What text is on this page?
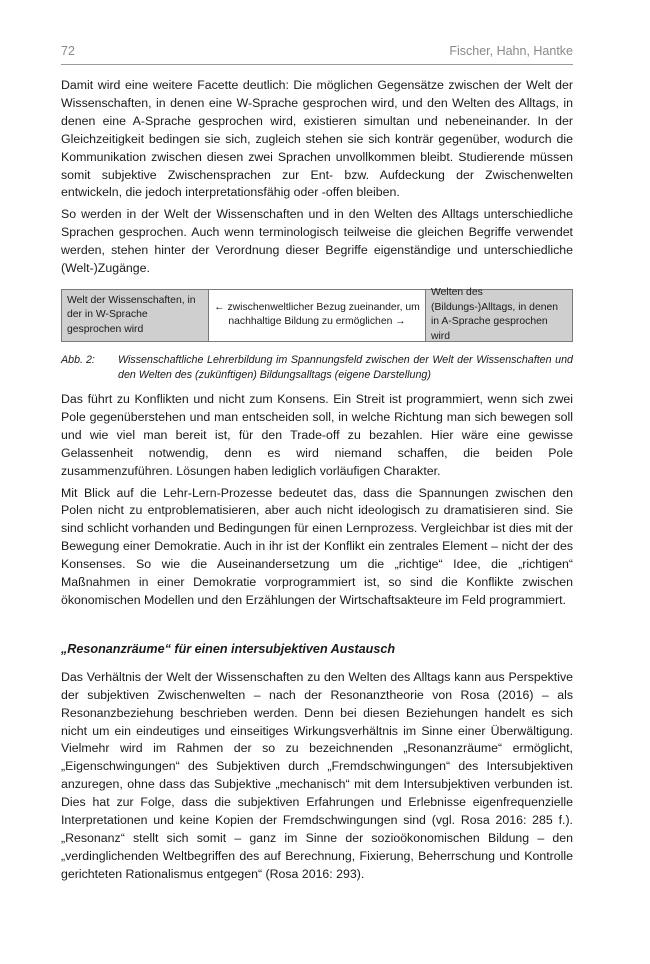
72	Fischer, Hahn, Hantke

Damit wird eine weitere Facette deutlich: Die möglichen Gegensätze zwischen der Welt der Wissenschaften, in denen eine W-Sprache gesprochen wird, und den Welten des Alltags, in denen eine A-Sprache gesprochen wird, existieren simultan und nebeneinander. In der Gleichzeitigkeit bedingen sie sich, zugleich stehen sie sich konträr gegenüber, wodurch die Kommunikation zwischen diesen zwei Sprachen unvollkommen bleibt. Studierende müssen somit subjektive Zwischensprachen zur Ent- bzw. Aufdeckung der Zwischenwelten entwickeln, die jedoch interpretationsfähig oder -offen bleiben.

So werden in der Welt der Wissenschaften und in den Welten des Alltags unterschiedliche Sprachen gesprochen. Auch wenn terminologisch teilweise die gleichen Begriffe verwendet werden, stehen hinter der Verordnung dieser Begriffe eigenständige und unterschiedliche (Welt-)Zugänge.

Welt der Wissenschaften, in der in W-Sprache gesprochen wird
← zwischenweltlicher Bezug zueinander, um nachhaltige Bildung zu ermöglichen →
Welten des (Bildungs-)Alltags, in denen in A-Sprache gesprochen wird
Abb. 2:	Wissenschaftliche Lehrerbildung im Spannungsfeld zwischen der Welt der Wissenschaften und den Welten des (zukünftigen) Bildungsalltags (eigene Darstellung)

Das führt zu Konflikten und nicht zum Konsens. Ein Streit ist programmiert, wenn sich zwei Pole gegenüberstehen und man entscheiden soll, in welche Richtung man sich bewegen soll und wie viel man bereit ist, für den Trade-off zu bezahlen. Hier wäre eine gewisse Gelassenheit notwendig, denn es wird niemand schaffen, die beiden Pole zusammenzuführen. Lösungen haben lediglich vorläufigen Charakter.

Mit Blick auf die Lehr-Lern-Prozesse bedeutet das, dass die Spannungen zwischen den Polen nicht zu entproblematisieren, aber auch nicht ideologisch zu dramatisieren sind. Sie sind schlicht vorhanden und Bedingungen für einen Lernprozess. Vergleichbar ist dies mit der Bewegung einer Demokratie. Auch in ihr ist der Konflikt ein zentrales Element – nicht der des Konsenses. So wie die Auseinandersetzung um die „richtige“ Idee, die „richtigen“ Maßnahmen in einer Demokratie vorprogrammiert ist, so sind die Konflikte zwischen ökonomischen Modellen und den Erzählungen der Wirtschaftsakteure im Feld programmiert.

„Resonanzräume“ für einen intersubjektiven Austausch

Das Verhältnis der Welt der Wissenschaften zu den Welten des Alltags kann aus Perspektive der subjektiven Zwischenwelten – nach der Resonanztheorie von Rosa (2016) – als Resonanzbeziehung beschrieben werden. Denn bei diesen Beziehungen handelt es sich nicht um ein eindeutiges und einseitiges Wirkungsverhältnis im Sinne einer Überwältigung. Vielmehr wird im Rahmen der so zu bezeichnenden „Resonanzräume“ ermöglicht, „Eigenschwingungen“ des Subjektiven durch „Fremdschwingungen“ des Intersubjektiven anzuregen, ohne dass das Subjektive „mechanisch“ mit dem Intersubjektiven verbunden ist. Dies hat zur Folge, dass die subjektiven Erfahrungen und Erlebnisse eigenfrequenzielle Interpretationen und keine Kopien der Fremdschwingungen sind (vgl. Rosa 2016: 285 f.). „Resonanz“ stellt sich somit – ganz im Sinne der sozioökonomischen Bildung – den „verdinglichenden Weltbegriffen des auf Berechnung, Fixierung, Beherrschung und Kontrolle gerichteten Rationalismus entgegen“ (Rosa 2016: 293).
